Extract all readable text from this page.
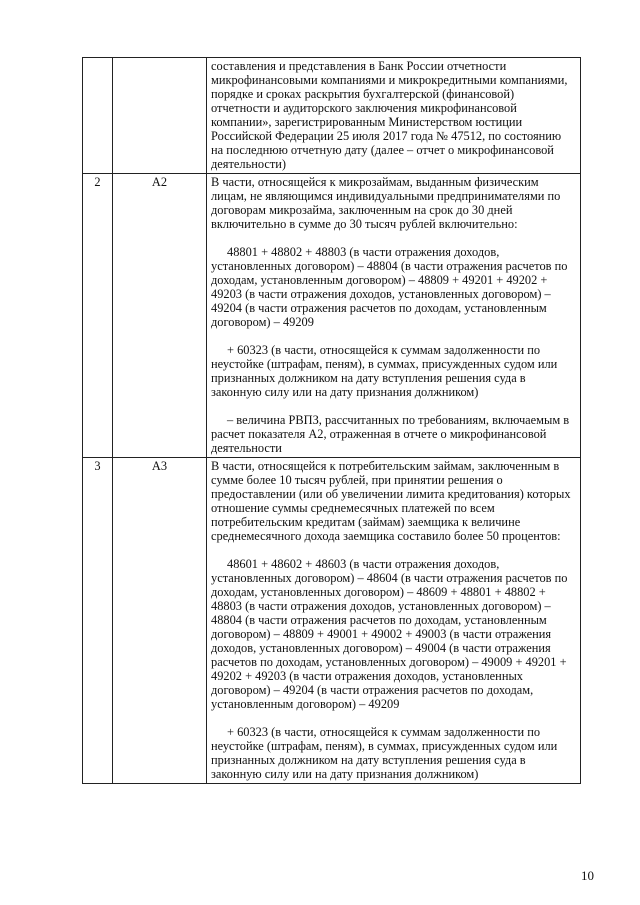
		составления и представления в Банк России отчетности микрофинансовыми компаниями и микрокредитными компаниями, порядке и сроках раскрытия бухгалтерской (финансовой) отчетности и аудиторского заключения микрофинансовой компании», зарегистрированным Министерством юстиции Российской Федерации 25 июля 2017 года № 47512, по состоянию на последнюю отчетную дату (далее – отчет о микрофинансовой деятельности)

2	А2	В части, относящейся к микрозаймам, выданным физическим лицам, не являющимся индивидуальными предпринимателями по договорам микрозайма, заключенным на срок до 30 дней включительно в сумме до 30 тысяч рублей включительно:

48801 + 48802 + 48803 (в части отражения доходов, установленных договором) – 48804 (в части отражения расчетов по доходам, установленным договором) – 48809 + 49201 + 49202 + 49203 (в части отражения доходов, установленных договором) – 49204 (в части отражения расчетов по доходам, установленным договором) – 49209

+ 60323 (в части, относящейся к суммам задолженности по неустойке (штрафам, пеням), в суммах, присужденных судом или признанных должником на дату вступления решения суда в законную силу или на дату признания должником)

– величина РВПЗ, рассчитанных по требованиям, включаемым в расчет показателя А2, отраженная в отчете о микрофинансовой деятельности

3	А3	В части, относящейся к потребительским займам, заключенным в сумме более 10 тысяч рублей, при принятии решения о предоставлении (или об увеличении лимита кредитования) которых отношение суммы среднемесячных платежей по всем потребительским кредитам (займам) заемщика к величине среднемесячного дохода заемщика составило более 50 процентов:

48601 + 48602 + 48603 (в части отражения доходов, установленных договором) – 48604 (в части отражения расчетов по доходам, установленных договором) – 48609 + 48801 + 48802 + 48803 (в части отражения доходов, установленных договором) – 48804 (в части отражения расчетов по доходам, установленным договором) – 48809 + 49001 + 49002 + 49003 (в части отражения доходов, установленных договором) – 49004 (в части отражения расчетов по доходам, установленных договором) – 49009 + 49201 + 49202 + 49203 (в части отражения доходов, установленных договором) – 49204 (в части отражения расчетов по доходам, установленным договором) – 49209

+ 60323 (в части, относящейся к суммам задолженности по неустойке (штрафам, пеням), в суммах, присужденных судом или признанных должником на дату вступления решения суда в законную силу или на дату признания должником)

10
